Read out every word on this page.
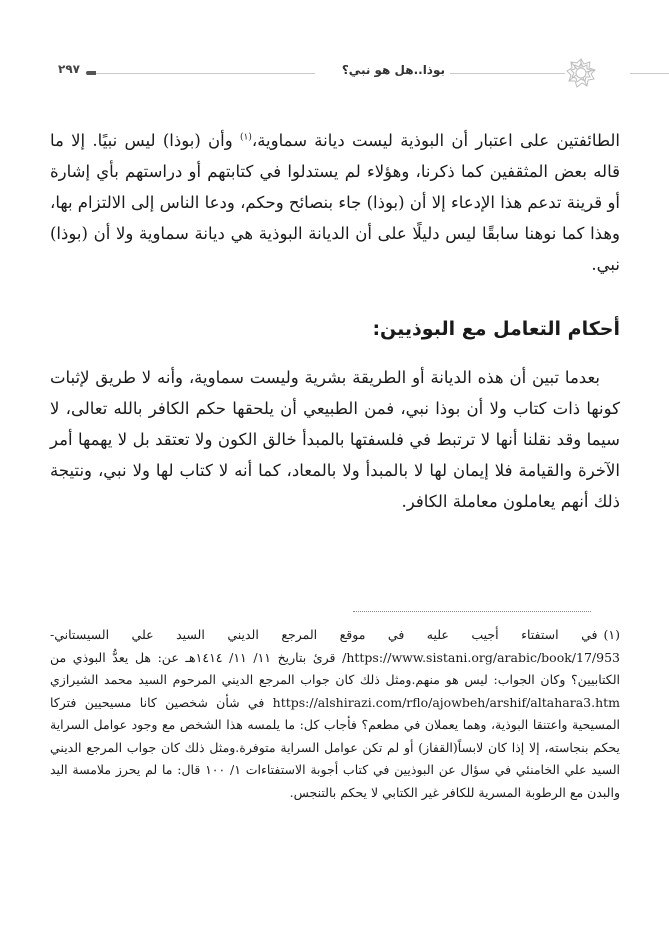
بوذا..هل هو نبي؟
٢٩٧

الطائفتين على اعتبار أن البوذية ليست ديانة سماوية،$^{(١)}$ وأن (بوذا) ليس نبيًا. إلا ما قاله بعض المثقفين كما ذكرنا، وهؤلاء لم يستدلوا في كتابتهم أو دراستهم بأي إشارة أو قرينة تدعم هذا الإدعاء إلا أن (بوذا) جاء بنصائح وحكم، ودعا الناس إلى الالتزام بها، وهذا كما نوهنا سابقًا ليس دليلًا على أن الديانة البوذية هي ديانة سماوية ولا أن (بوذا) نبي.

أحكام التعامل مع البوذيين:

بعدما تبين أن هذه الديانة أو الطريقة بشرية وليست سماوية، وأنه لا طريق لإثبات كونها ذات كتاب ولا أن بوذا نبي، فمن الطبيعي أن يلحقها حكم الكافر بالله تعالى، لا سيما وقد نقلنا أنها لا ترتبط في فلسفتها بالمبدأ خالق الكون ولا تعتقد بل لا يهمها أمر الآخرة والقيامة فلا إيمان لها لا بالمبدأ ولا بالمعاد، كما أنه لا كتاب لها ولا نبي، ونتيجة ذلك أنهم يعاملون معاملة الكافر.

(١)في استفتاء أجيب عليه في موقع المرجع الديني السيد علي السيستاني-https://www.sistani.org/arabic/book/17/953/ قرئ بتاريخ ١١/ ١١/ ١٤١٤هـ عن: هل يعدُّ البوذي من الكتابيين؟ وكان الجواب: ليس هو منهم.ومثل ذلك كان جواب المرجع الديني المرحوم السيد محمد الشيرازي https://alshirazi.com/rflo/ajowbeh/arshif/altahara3.htm في شأن شخصين كانا مسيحيين فتركا المسيحية واعتنقا البوذية، وهما يعملان في مطعم؟ فأجاب كل: ما يلمسه هذا الشخص مع وجود عوامل السراية يحكم بنجاسته، إلا إذا كان لابساً(القفاز) أو لم تكن عوامل السراية متوفرة.ومثل ذلك كان جواب المرجع الديني السيد علي الخامنئي في سؤال عن البوذيين في كتاب أجوبة الاستفتاءات ١/ ١٠٠ قال: ما لم يحرز ملامسة اليد والبدن مع الرطوبة المسرية للكافر غير الكتابي لا يحكم بالتنجس.
